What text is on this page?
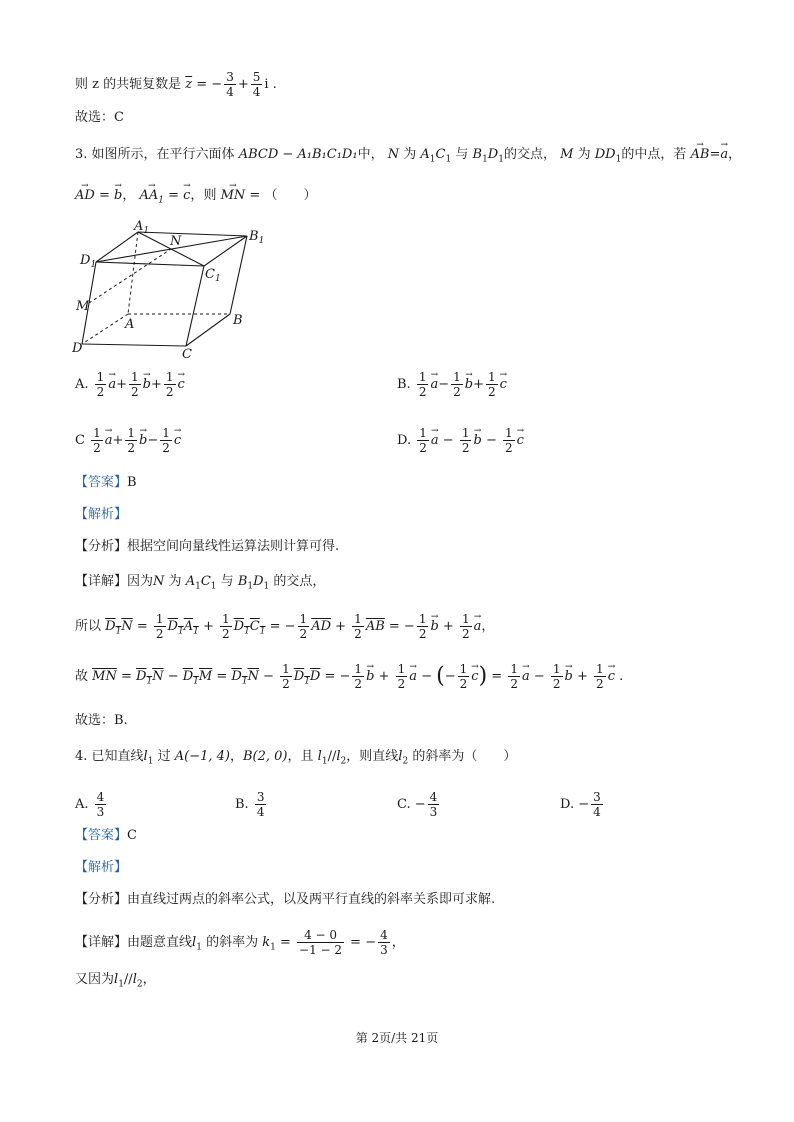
则 z 的共轭复数是 $\overline{z}$ = − $\frac{3}{4} + \frac{5}{4}$ i .
故选：C
3. 如图所示，在平行六面体 ABCD − A₁B₁C₁D₁中， N 为 $A_1C_1$ 与 $B_1D_1$的交点， M 为 $DD_1$的中点，若 → AB=→ a，
→ AD = → b， → $AA_1$ = → c，则 → MN = （　　）
$A_1$
N	$B_1$
$D_1$
$C_1$
M
A	B
D	C
A. $\frac{1}{2} \to a+ \frac{1}{2} \to b+ \frac{1}{2} \to c$	B. $\frac{1}{2} \to a- \frac{1}{2} \to b+ \frac{1}{2} \to c$
C $\frac{1}{2} \to a+ \frac{1}{2} \to b- \frac{1}{2} \to c$	D. $\frac{1}{2} \to a - \frac{1}{2} \to b - \frac{1}{2} \to c$
【答案】B
【解析】
【分析】根据空间向量线性运算法则计算可得.
【详解】因为N 为 $A_1C_1$ 与 $B_1D_1$ 的交点，
所以 $D_1N = \frac{1}{2} D_1A_1 + \frac{1}{2} D_1C_1$ = − $\frac{1}{2} \overline{AD} + \frac{1}{2} \overline{AB}$ = − $\frac{1}{2} \to b + \frac{1}{2} \to a$，
故 $\overline{MN} = D_1N - D_1M = D_1N - \frac{1}{2} D_1D$ = − $\frac{1}{2} \to b + \frac{1}{2} \to a$ − (− $\frac{1}{2} \to c) = \frac{1}{2} \to a - \frac{1}{2} \to b + \frac{1}{2} \to c$ .
故选：B.
4. 已知直线$l_1$ 过 A(−1, 4)，B(2, 0)，且 $l_1//l_2$，则直线$l_2$ 的斜率为（　　）
A. $\frac{4}{3}$	B. $\frac{3}{4}$	C. − $\frac{4}{3}$	D. − $\frac{3}{4}$
【答案】C
【解析】
【分析】由直线过两点的斜率公式，以及两平行直线的斜率关系即可求解.
【详解】由题意直线$l_1$ 的斜率为 $k_1 = \frac{4 - 0}{-1 - 2}$ = − $\frac{4}{3}$ ，
又因为$l_1//l_2$，
第 2页/共 21页
